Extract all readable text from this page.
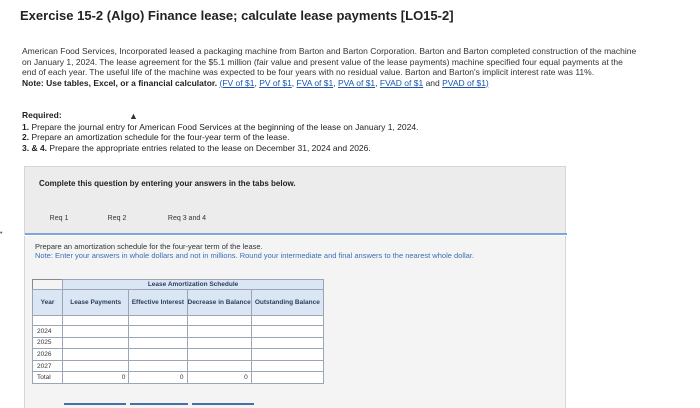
Exercise 15-2 (Algo) Finance lease; calculate lease payments [LO15-2]
American Food Services, Incorporated leased a packaging machine from Barton and Barton Corporation. Barton and Barton completed construction of the machine on January 1, 2024. The lease agreement for the $5.1 million (fair value and present value of the lease payments) machine specified four equal payments at the end of each year. The useful life of the machine was expected to be four years with no residual value. Barton and Barton's implicit interest rate was 11%.
Note: Use tables, Excel, or a financial calculator. (FV of $1, PV of $1, FVA of $1, PVA of $1, FVAD of $1 and PVAD of $1)
Required:
1. Prepare the journal entry for American Food Services at the beginning of the lease on January 1, 2024.
2. Prepare an amortization schedule for the four-year term of the lease.
3. & 4. Prepare the appropriate entries related to the lease on December 31, 2024 and 2026.
▲
•
Complete this question by entering your answers in the tabs below.
Req 1	Req 2	Req 3 and 4
Prepare an amortization schedule for the four-year term of the lease.
Note: Enter your answers in whole dollars and not in millions. Round your intermediate and final answers to the nearest whole dollar.
	Lease Amortization Schedule			
Year	Lease Payments	Effective Interest	Decrease in Balance	Outstanding Balance

2024				
2025				
2026				
2027				
Total	0	0	0	
